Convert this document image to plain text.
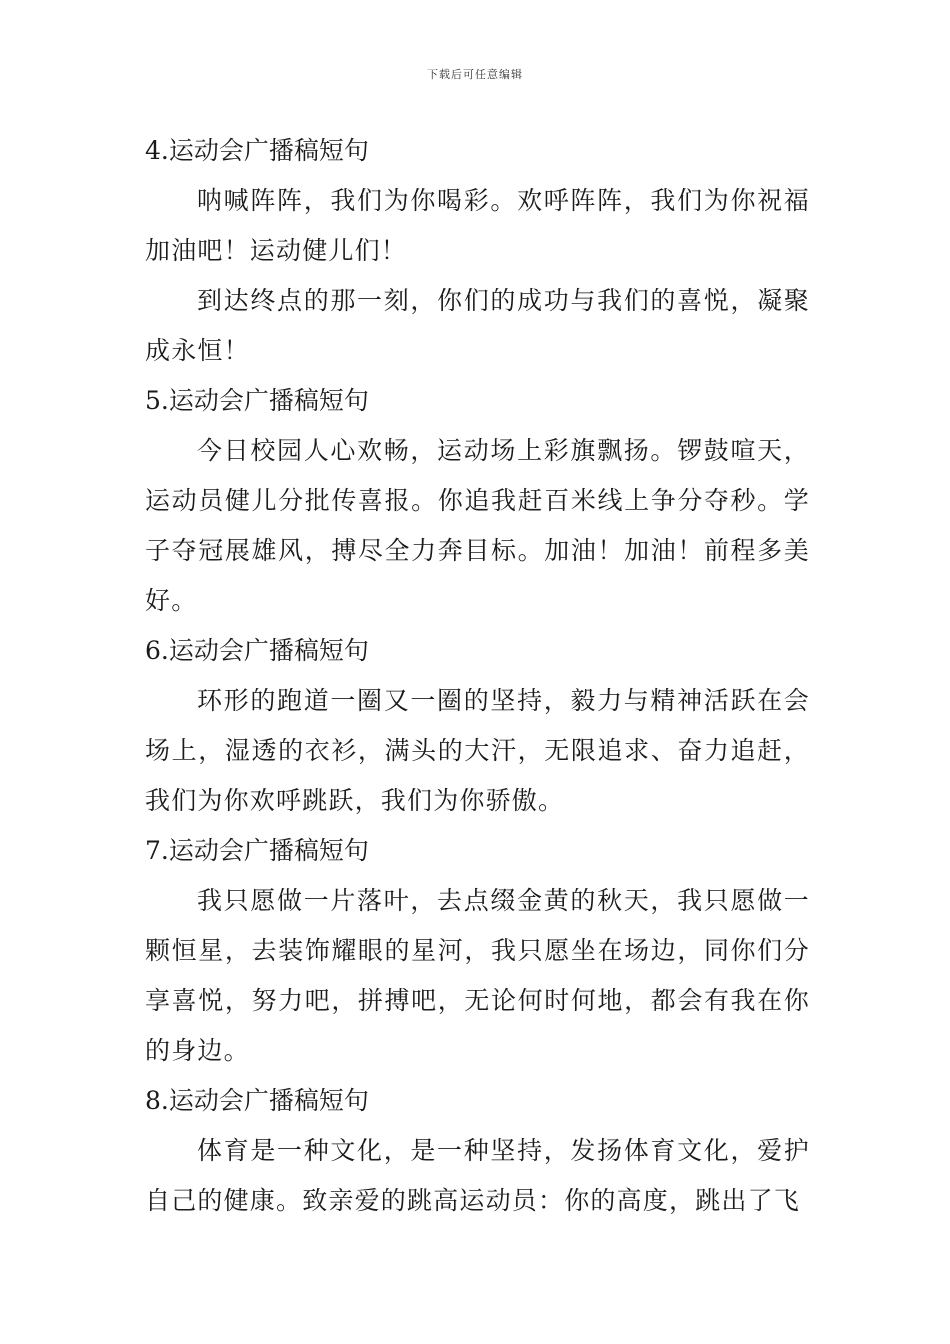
下载后可任意编辑
4.运动会广播稿短句

呐喊阵阵，我们为你喝彩。欢呼阵阵，我们为你祝福加油吧！运动健儿们！

到达终点的那一刻，你们的成功与我们的喜悦，凝聚成永恒！

5.运动会广播稿短句

今日校园人心欢畅，运动场上彩旗飘扬。锣鼓喧天，运动员健儿分批传喜报。你追我赶百米线上争分夺秒。学子夺冠展雄风，搏尽全力奔目标。加油！加油！前程多美好。

6.运动会广播稿短句

环形的跑道一圈又一圈的坚持，毅力与精神活跃在会场上，湿透的衣衫，满头的大汗，无限追求、奋力追赶，我们为你欢呼跳跃，我们为你骄傲。

7.运动会广播稿短句

我只愿做一片落叶，去点缀金黄的秋天，我只愿做一颗恒星，去装饰耀眼的星河，我只愿坐在场边，同你们分享喜悦，努力吧，拼搏吧，无论何时何地，都会有我在你的身边。

8.运动会广播稿短句

体育是一种文化，是一种坚持，发扬体育文化，爱护自己的健康。致亲爱的跳高运动员：你的高度，跳出了飞
